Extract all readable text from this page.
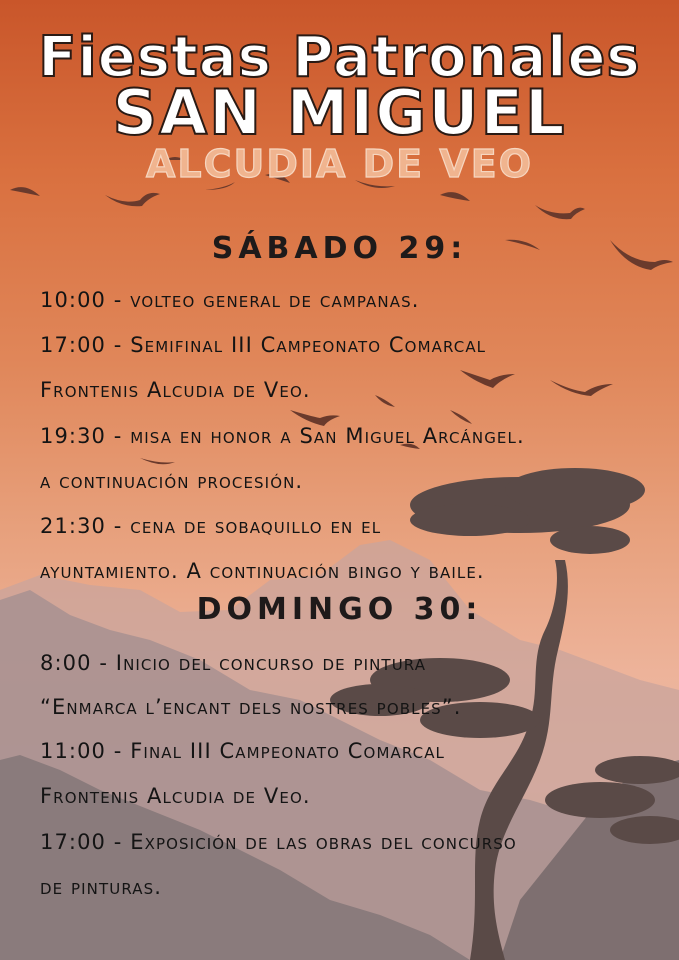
Fiestas Patronales
SAN MIGUEL
ALCUDIA DE VEO
SÁBADO 29:
10:00 - volteo general de campanas.
17:00 - Semifinal III Campeonato Comarcal
Frontenis Alcudia de Veo.
19:30 - misa en honor a San Miguel Arcángel.
a continuación procesión.
21:30 - cena de sobaquillo en el
ayuntamiento. A continuación bingo y baile.
DOMINGO 30:
8:00 - Inicio del concurso de pintura
“Enmarca l’encant dels nostres pobles”.
11:00 - Final III Campeonato Comarcal
Frontenis Alcudia de Veo.
17:00 - Exposición de las obras del concurso
de pinturas.
